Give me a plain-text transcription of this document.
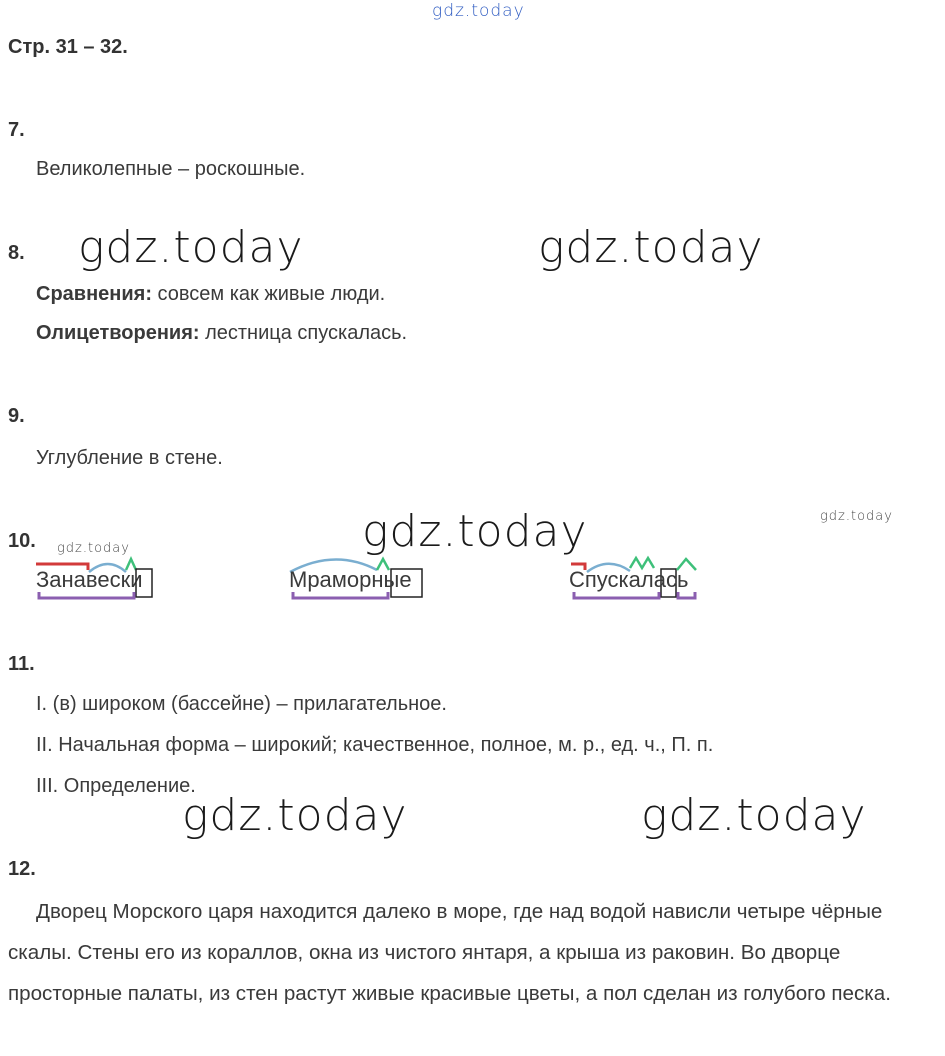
gdz.today
Стр. 31 – 32.
7.
Великолепные – роскошные.
8. gdz.today	gdz.today
Сравнения: совсем как живые люди.
Олицетворения: лестница спускалась.
9.
Углубление в стене.
10.	gdz.today	gdz.today
gdz.today
Занавески	Мраморные	Спускалась
11.
I. (в) широком (бассейне) – прилагательное.
II. Начальная форма – широкий; качественное, полное, м. р., ед. ч., П. п.
III. Определение.
gdz.today	gdz.today
12.
Дворец Морского царя находится далеко в море, где над водой нависли четыре чёрные скалы. Стены его из кораллов, окна из чистого янтаря, а крыша из раковин. Во дворце просторные палаты, из стен растут живые красивые цветы, а пол сделан из голубого песка.
